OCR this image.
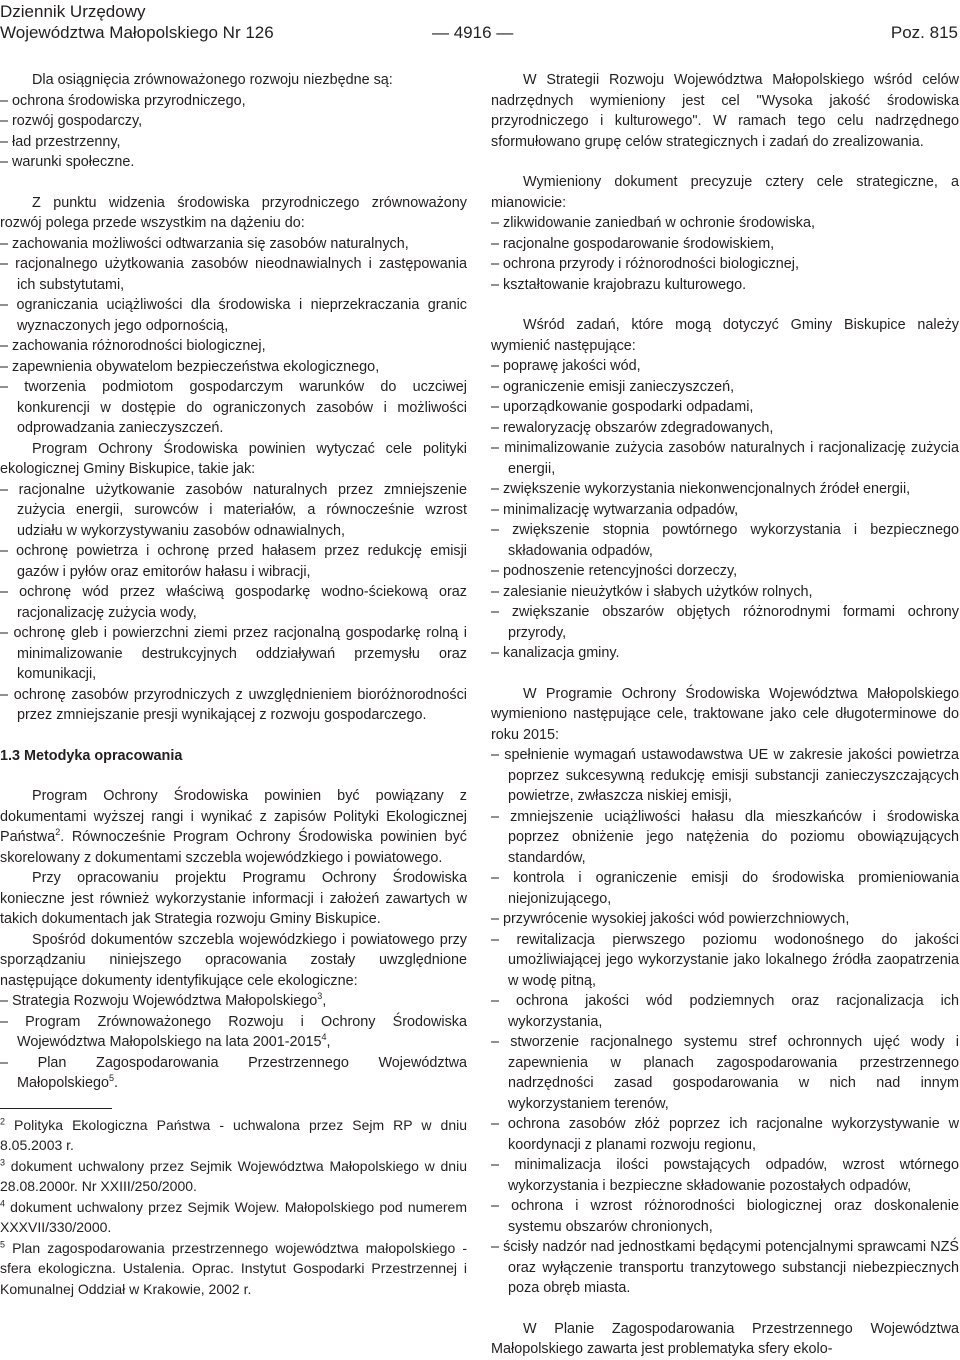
Dziennik Urzędowy
Województwa Małopolskiego Nr 126	— 4916 —	Poz. 815

Dla osiągnięcia zrównoważonego rozwoju niezbędne są:

– ochrona środowiska przyrodniczego,

– rozwój gospodarczy,

– ład przestrzenny,

– warunki społeczne.

Z punktu widzenia środowiska przyrodniczego zrównoważony rozwój polega przede wszystkim na dążeniu do:

– zachowania możliwości odtwarzania się zasobów naturalnych,

– racjonalnego użytkowania zasobów nieodnawialnych i zastępowania ich substytutami,

– ograniczania uciążliwości dla środowiska i nieprzekraczania granic wyznaczonych jego odpornością,

– zachowania różnorodności biologicznej,

– zapewnienia obywatelom bezpieczeństwa ekologicznego,

– tworzenia podmiotom gospodarczym warunków do uczciwej konkurencji w dostępie do ograniczonych zasobów i możliwości odprowadzania zanieczyszczeń.

Program Ochrony Środowiska powinien wytyczać cele polityki ekologicznej Gminy Biskupice, takie jak:

– racjonalne użytkowanie zasobów naturalnych przez zmniejszenie zużycia energii, surowców i materiałów, a równocześnie wzrost udziału w wykorzystywaniu zasobów odnawialnych,

– ochronę powietrza i ochronę przed hałasem przez redukcję emisji gazów i pyłów oraz emitorów hałasu i wibracji,

– ochronę wód przez właściwą gospodarkę wodno-ściekową oraz racjonalizację zużycia wody,

– ochronę gleb i powierzchni ziemi przez racjonalną gospodarkę rolną i minimalizowanie destrukcyjnych oddziaływań przemysłu oraz komunikacji,

– ochronę zasobów przyrodniczych z uwzględnieniem bioróżnorodności przez zmniejszanie presji wynikającej z rozwoju gospodarczego.

1.3 Metodyka opracowania

Program Ochrony Środowiska powinien być powiązany z dokumentami wyższej rangi i wynikać z zapisów Polityki Ekologicznej Państwa$^2$. Równocześnie Program Ochrony Środowiska powinien być skorelowany z dokumentami szczebla wojewódzkiego i powiatowego.

Przy opracowaniu projektu Programu Ochrony Środowiska konieczne jest również wykorzystanie informacji i założeń zawartych w takich dokumentach jak Strategia rozwoju Gminy Biskupice.

Spośród dokumentów szczebla wojewódzkiego i powiatowego przy sporządzaniu niniejszego opracowania zostały uwzględnione następujące dokumenty identyfikujące cele ekologiczne:

– Strategia Rozwoju Województwa Małopolskiego$^3$,

– Program Zrównoważonego Rozwoju i Ochrony Środowiska Województwa Małopolskiego na lata 2001-2015$^4$,

– Plan Zagospodarowania Przestrzennego Województwa Małopolskiego$^5$.

$^2$ Polityka Ekologiczna Państwa - uchwalona przez Sejm RP w dniu 8.05.2003 r.

$^3$ dokument uchwalony przez Sejmik Województwa Małopolskiego w dniu 28.08.2000r. Nr XXIII/250/2000.

$^4$ dokument uchwalony przez Sejmik Wojew. Małopolskiego pod numerem XXXVII/330/2000.

$^5$ Plan zagospodarowania przestrzennego województwa małopolskiego - sfera ekologiczna. Ustalenia. Oprac. Instytut Gospodarki Przestrzennej i Komunalnej Oddział w Krakowie, 2002 r.

W Strategii Rozwoju Województwa Małopolskiego wśród celów nadrzędnych wymieniony jest cel "Wysoka jakość środowiska przyrodniczego i kulturowego". W ramach tego celu nadrzędnego sformułowano grupę celów strategicznych i zadań do zrealizowania.

Wymieniony dokument precyzuje cztery cele strategiczne, a mianowicie:

– zlikwidowanie zaniedbań w ochronie środowiska,

– racjonalne gospodarowanie środowiskiem,

– ochrona przyrody i różnorodności biologicznej,

– kształtowanie krajobrazu kulturowego.

Wśród zadań, które mogą dotyczyć Gminy Biskupice należy wymienić następujące:

– poprawę jakości wód,

– ograniczenie emisji zanieczyszczeń,

– uporządkowanie gospodarki odpadami,

– rewaloryzację obszarów zdegradowanych,

– minimalizowanie zużycia zasobów naturalnych i racjonalizację zużycia energii,

– zwiększenie wykorzystania niekonwencjonalnych źródeł energii,

– minimalizację wytwarzania odpadów,

– zwiększenie stopnia powtórnego wykorzystania i bezpiecznego składowania odpadów,

– podnoszenie retencyjności dorzeczy,

– zalesianie nieużytków i słabych użytków rolnych,

– zwiększanie obszarów objętych różnorodnymi formami ochrony przyrody,

– kanalizacja gminy.

W Programie Ochrony Środowiska Województwa Małopolskiego wymieniono następujące cele, traktowane jako cele długoterminowe do roku 2015:

– spełnienie wymagań ustawodawstwa UE w zakresie jakości powietrza poprzez sukcesywną redukcję emisji substancji zanieczyszczających powietrze, zwłaszcza niskiej emisji,

– zmniejszenie uciążliwości hałasu dla mieszkańców i środowiska poprzez obniżenie jego natężenia do poziomu obowiązujących standardów,

– kontrola i ograniczenie emisji do środowiska promieniowania niejonizującego,

– przywrócenie wysokiej jakości wód powierzchniowych,

– rewitalizacja pierwszego poziomu wodonośnego do jakości umożliwiającej jego wykorzystanie jako lokalnego źródła zaopatrzenia w wodę pitną,

– ochrona jakości wód podziemnych oraz racjonalizacja ich wykorzystania,

– stworzenie racjonalnego systemu stref ochronnych ujęć wody i zapewnienia w planach zagospodarowania przestrzennego nadrzędności zasad gospodarowania w nich nad innym wykorzystaniem terenów,

– ochrona zasobów złóż poprzez ich racjonalne wykorzystywanie w koordynacji z planami rozwoju regionu,

– minimalizacja ilości powstających odpadów, wzrost wtórnego wykorzystania i bezpieczne składowanie pozostałych odpadów,

– ochrona i wzrost różnorodności biologicznej oraz doskonalenie systemu obszarów chronionych,

– ścisły nadzór nad jednostkami będącymi potencjalnymi sprawcami NZŚ oraz wyłączenie transportu tranzytowego substancji niebezpiecznych poza obręb miasta.

W Planie Zagospodarowania Przestrzennego Województwa Małopolskiego zawarta jest problematyka sfery ekolo-
